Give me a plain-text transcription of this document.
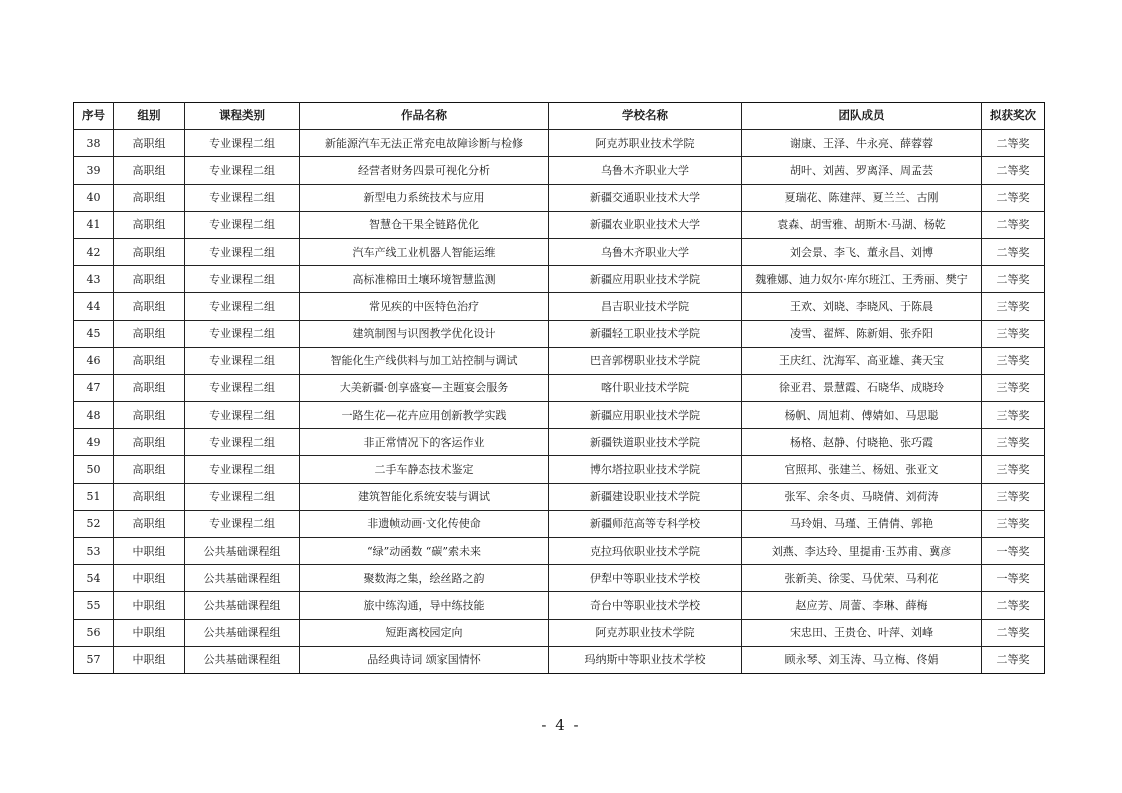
序号	组别	课程类别	作品名称	学校名称	团队成员	拟获奖次
38	高职组	专业课程二组	新能源汽车无法正常充电故障诊断与检修	阿克苏职业技术学院	谢康、王泽、牛永亮、薛蓉蓉	二等奖
39	高职组	专业课程二组	经营者财务四景可视化分析	乌鲁木齐职业大学	胡叶、刘茜、罗离泽、周孟芸	二等奖
40	高职组	专业课程二组	新型电力系统技术与应用	新疆交通职业技术大学	夏瑞花、陈建萍、夏兰兰、古刚	二等奖
41	高职组	专业课程二组	智慧仓干果全链路优化	新疆农业职业技术大学	袁森、胡雪雅、胡斯木·马湖、杨乾	二等奖
42	高职组	专业课程二组	汽车产线工业机器人智能运维	乌鲁木齐职业大学	刘会景、李飞、董永昌、刘博	二等奖
43	高职组	专业课程二组	高标准棉田土壤环境智慧监测	新疆应用职业技术学院	魏雅娜、迪力奴尔·库尔班江、王秀丽、樊宁	二等奖
44	高职组	专业课程二组	常见疾的中医特色治疗	昌吉职业技术学院	王欢、刘晓、李晓风、于陈晨	三等奖
45	高职组	专业课程二组	建筑制图与识图教学优化设计	新疆轻工职业技术学院	凌雪、翟辉、陈新娟、张乔阳	三等奖
46	高职组	专业课程二组	智能化生产线供料与加工站控制与调试	巴音郭楞职业技术学院	王庆红、沈海军、高亚雄、龚天宝	三等奖
47	高职组	专业课程二组	大美新疆·创享盛宴—主题宴会服务	喀什职业技术学院	徐亚君、景慧霞、石晓华、成晓玲	三等奖
48	高职组	专业课程二组	一路生花—花卉应用创新教学实践	新疆应用职业技术学院	杨帆、周旭莉、傅婧如、马思聪	三等奖
49	高职组	专业课程二组	非正常情况下的客运作业	新疆铁道职业技术学院	杨格、赵静、付晓艳、张巧霞	三等奖
50	高职组	专业课程二组	二手车静态技术鉴定	博尔塔拉职业技术学院	官照邦、张建兰、杨妞、张亚文	三等奖
51	高职组	专业课程二组	建筑智能化系统安装与调试	新疆建设职业技术学院	张军、余冬贞、马晓倩、刘荷涛	三等奖
52	高职组	专业课程二组	非遗帧动画·文化传使命	新疆师范高等专科学校	马玲娟、马瑾、王倩倩、郭艳	三等奖
53	中职组	公共基础课程组	“绿”动函数 “碳”索未来	克拉玛依职业技术学院	刘燕、李达玲、里提甫·玉苏甫、冀彦	一等奖
54	中职组	公共基础课程组	聚数海之集，绘丝路之韵	伊犁中等职业技术学校	张新美、徐雯、马优荣、马利花	一等奖
55	中职组	公共基础课程组	旅中练沟通，导中练技能	奇台中等职业技术学校	赵应芳、周蕾、李琳、薛梅	二等奖
56	中职组	公共基础课程组	短距离校园定向	阿克苏职业技术学院	宋忠田、王贵仓、叶萍、刘峰	二等奖
57	中职组	公共基础课程组	品经典诗词 颂家国情怀	玛纳斯中等职业技术学校	顾永琴、刘玉涛、马立梅、佟娟	二等奖
- 4 -
